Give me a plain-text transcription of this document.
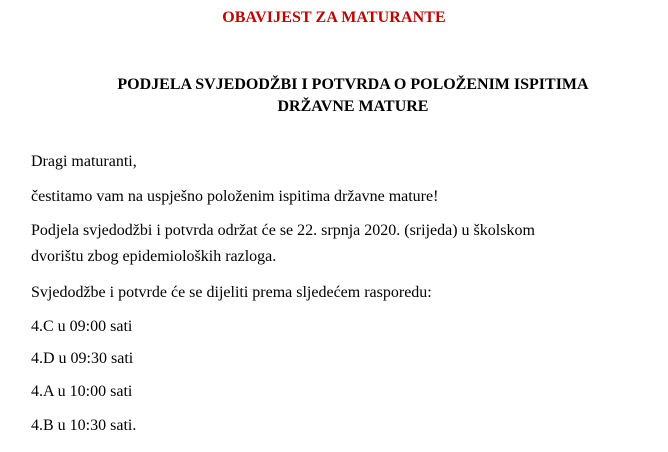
OBAVIJEST ZA MATURANTE
PODJELA SVJEDODŽBI I POTVRDA O POLOŽENIM ISPITIMA
DRŽAVNE MATURE
Dragi maturanti,
čestitamo vam na uspješno položenim ispitima državne mature!
Podjela svjedodžbi i potvrda održat će se 22. srpnja 2020. (srijeda) u školskom
dvorištu zbog epidemioloških razloga.
Svjedodžbe i potvrde će se dijeliti prema sljedećem rasporedu:
4.C u 09:00 sati
4.D u 09:30 sati
4.A u 10:00 sati
4.B u 10:30 sati.
